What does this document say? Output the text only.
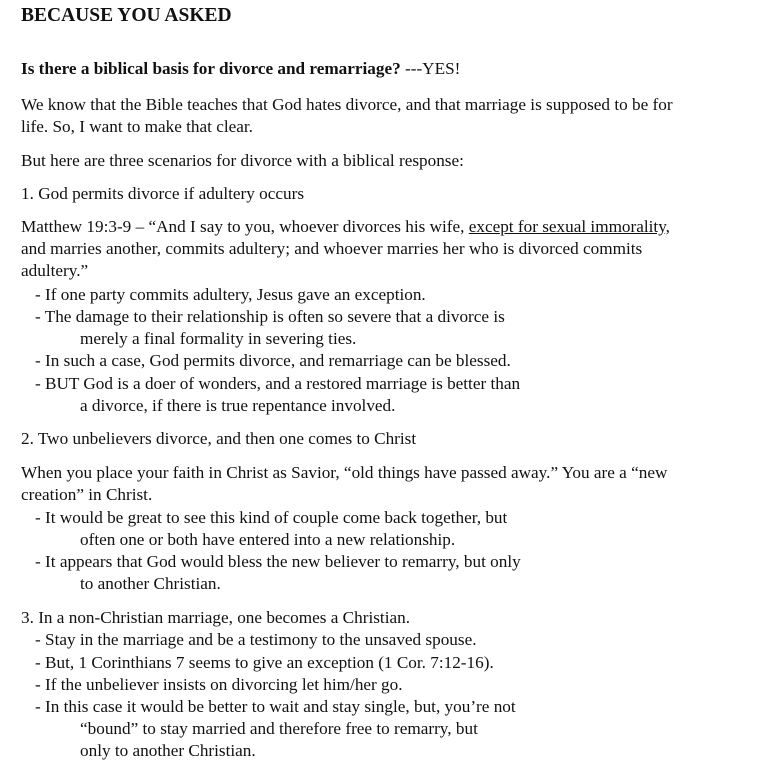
BECAUSE YOU ASKED
Is there a biblical basis for divorce and remarriage? ---YES!
We know that the Bible teaches that God hates divorce, and that marriage is supposed to be for
life. So, I want to make that clear.
But here are three scenarios for divorce with a biblical response:
1. God permits divorce if adultery occurs
Matthew 19:3-9 – “And I say to you, whoever divorces his wife, except for sexual immorality,
and marries another, commits adultery; and whoever marries her who is divorced commits
adultery.”
- If one party commits adultery, Jesus gave an exception.
- The damage to their relationship is often so severe that a divorce is
merely a final formality in severing ties.
- In such a case, God permits divorce, and remarriage can be blessed.
- BUT God is a doer of wonders, and a restored marriage is better than
a divorce, if there is true repentance involved.
2. Two unbelievers divorce, and then one comes to Christ
When you place your faith in Christ as Savior, “old things have passed away.” You are a “new
creation” in Christ.
- It would be great to see this kind of couple come back together, but
often one or both have entered into a new relationship.
- It appears that God would bless the new believer to remarry, but only
to another Christian.
3. In a non-Christian marriage, one becomes a Christian.
- Stay in the marriage and be a testimony to the unsaved spouse.
- But, 1 Corinthians 7 seems to give an exception (1 Cor. 7:12-16).
- If the unbeliever insists on divorcing let him/her go.
- In this case it would be better to wait and stay single, but, you’re not
“bound” to stay married and therefore free to remarry, but
only to another Christian.
